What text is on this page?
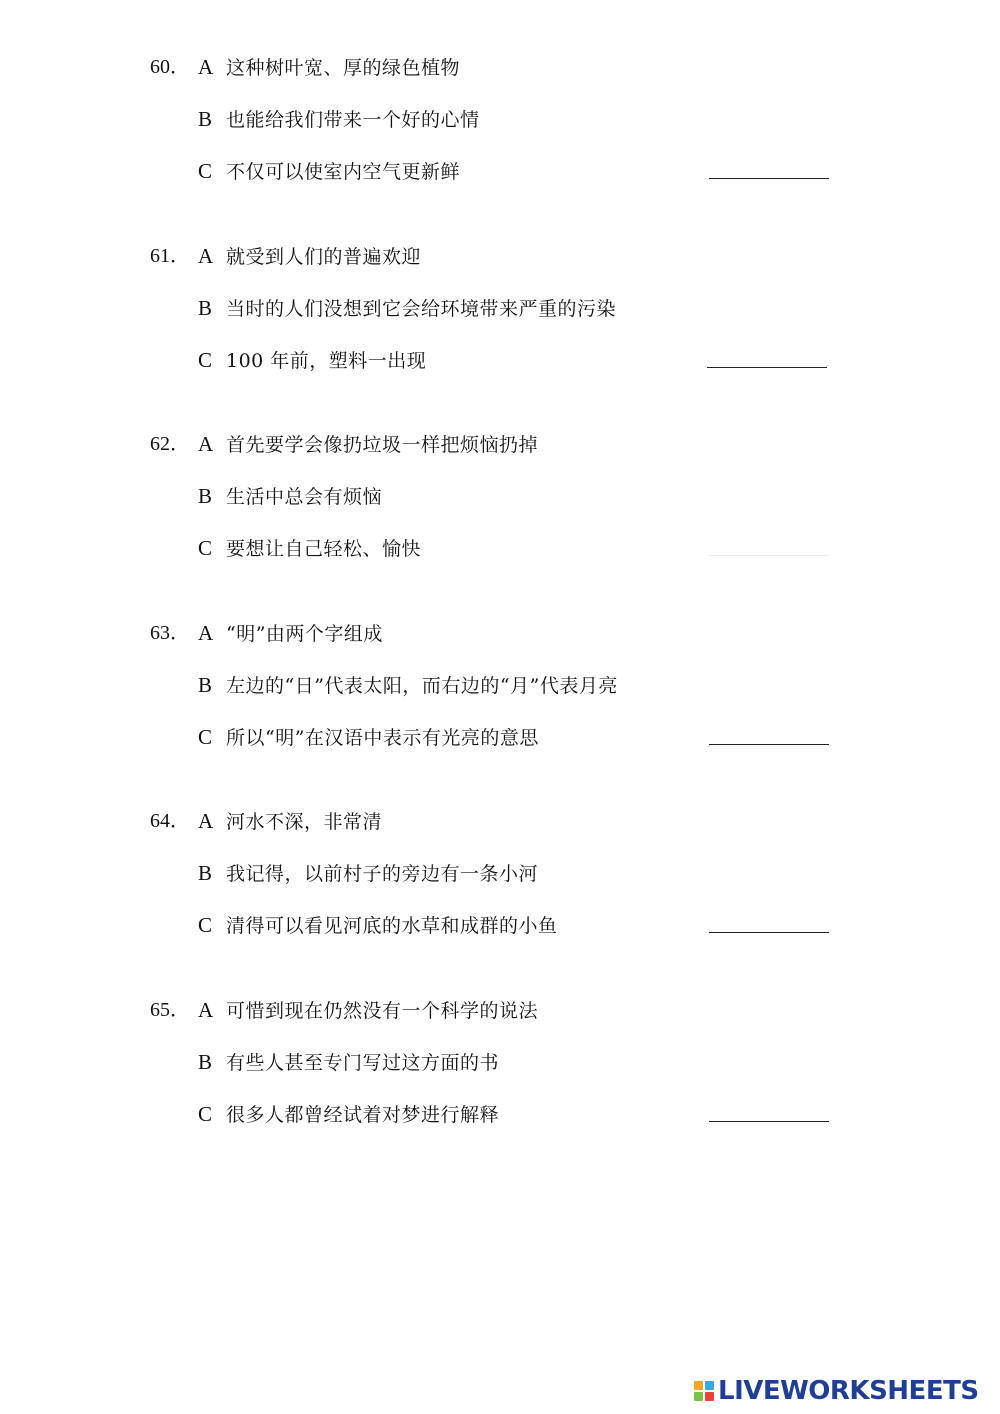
60． A 这种树叶宽、厚的绿色植物
B 也能给我们带来一个好的心情
C 不仅可以使室内空气更新鲜
61． A 就受到人们的普遍欢迎
B 当时的人们没想到它会给环境带来严重的污染
C 100 年前，塑料一出现
62． A 首先要学会像扔垃圾一样把烦恼扔掉
B 生活中总会有烦恼
C 要想让自己轻松、愉快
63． A “明”由两个字组成
B 左边的“日”代表太阳，而右边的“月”代表月亮
C 所以“明”在汉语中表示有光亮的意思
64． A 河水不深，非常清
B 我记得，以前村子的旁边有一条小河
C 清得可以看见河底的水草和成群的小鱼
65． A 可惜到现在仍然没有一个科学的说法
B 有些人甚至专门写过这方面的书
C 很多人都曾经试着对梦进行解释
LIVEWORKSHEETS
